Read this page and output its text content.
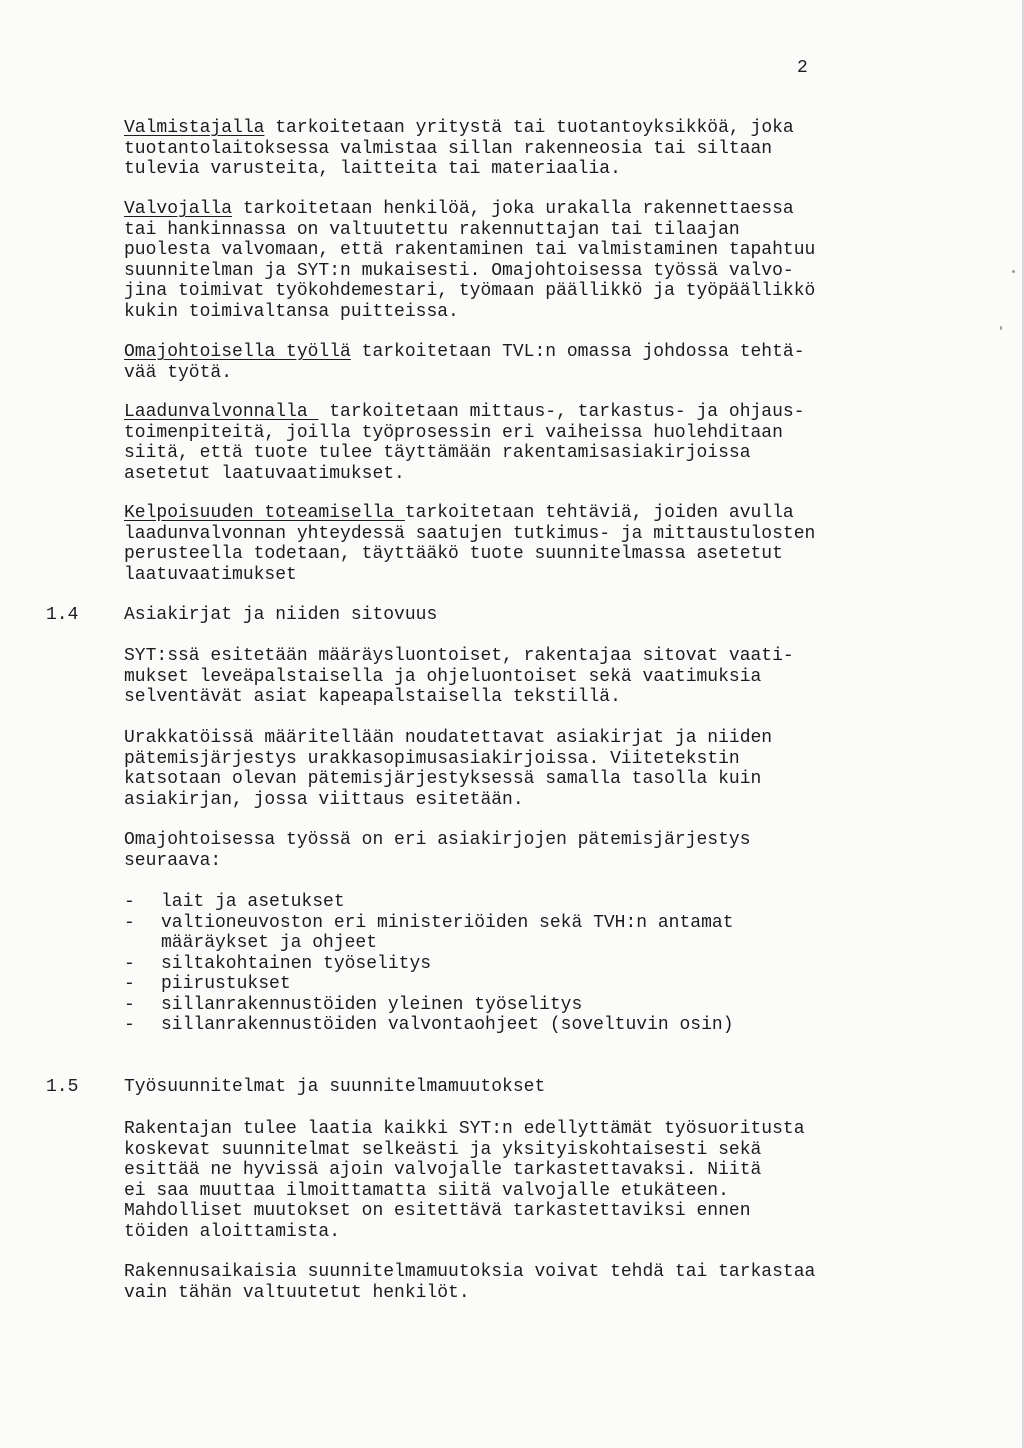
2
Valmistajalla tarkoitetaan yritystä tai tuotantoyksikköä, joka
tuotantolaitoksessa valmistaa sillan rakenneosia tai siltaan
tulevia varusteita, laitteita tai materiaalia.
Valvojalla tarkoitetaan henkilöä, joka urakalla rakennettaessa
tai hankinnassa on valtuutettu rakennuttajan tai tilaajan
puolesta valvomaan, että rakentaminen tai valmistaminen tapahtuu
suunnitelman ja SYT:n mukaisesti. Omajohtoisessa työssä valvo-
jina toimivat työkohdemestari, työmaan päällikkö ja työpäällikkö
kukin toimivaltansa puitteissa.
Omajohtoisella työllä tarkoitetaan TVL:n omassa johdossa tehtä-
vää työtä.
Laadunvalvonnalla  tarkoitetaan mittaus-, tarkastus- ja ohjaus-
toimenpiteitä, joilla työprosessin eri vaiheissa huolehditaan
siitä, että tuote tulee täyttämään rakentamisasiakirjoissa
asetetut laatuvaatimukset.
Kelpoisuuden toteamisella tarkoitetaan tehtäviä, joiden avulla
laadunvalvonnan yhteydessä saatujen tutkimus- ja mittaustulosten
perusteella todetaan, täyttääkö tuote suunnitelmassa asetetut
laatuvaatimukset
1.4	Asiakirjat ja niiden sitovuus
SYT:ssä esitetään määräysluontoiset, rakentajaa sitovat vaati-
mukset leveäpalstaisella ja ohjeluontoiset sekä vaatimuksia
selventävät asiat kapeapalstaisella tekstillä.
Urakkatöissä määritellään noudatettavat asiakirjat ja niiden
pätemisjärjestys urakkasopimusasiakirjoissa. Viitetekstin
katsotaan olevan pätemisjärjestyksessä samalla tasolla kuin
asiakirjan, jossa viittaus esitetään.
Omajohtoisessa työssä on eri asiakirjojen pätemisjärjestys
seuraava:
-	lait ja asetukset
-	valtioneuvoston eri ministeriöiden sekä TVH:n antamat
määräykset ja ohjeet
-	siltakohtainen työselitys
-	piirustukset
-	sillanrakennustöiden yleinen työselitys
-	sillanrakennustöiden valvontaohjeet (soveltuvin osin)
1.5	Työsuunnitelmat ja suunnitelmamuutokset
Rakentajan tulee laatia kaikki SYT:n edellyttämät työsuoritusta
koskevat suunnitelmat selkeästi ja yksityiskohtaisesti sekä
esittää ne hyvissä ajoin valvojalle tarkastettavaksi. Niitä
ei saa muuttaa ilmoittamatta siitä valvojalle etukäteen.
Mahdolliset muutokset on esitettävä tarkastettaviksi ennen
töiden aloittamista.
Rakennusaikaisia suunnitelmamuutoksia voivat tehdä tai tarkastaa
vain tähän valtuutetut henkilöt.
